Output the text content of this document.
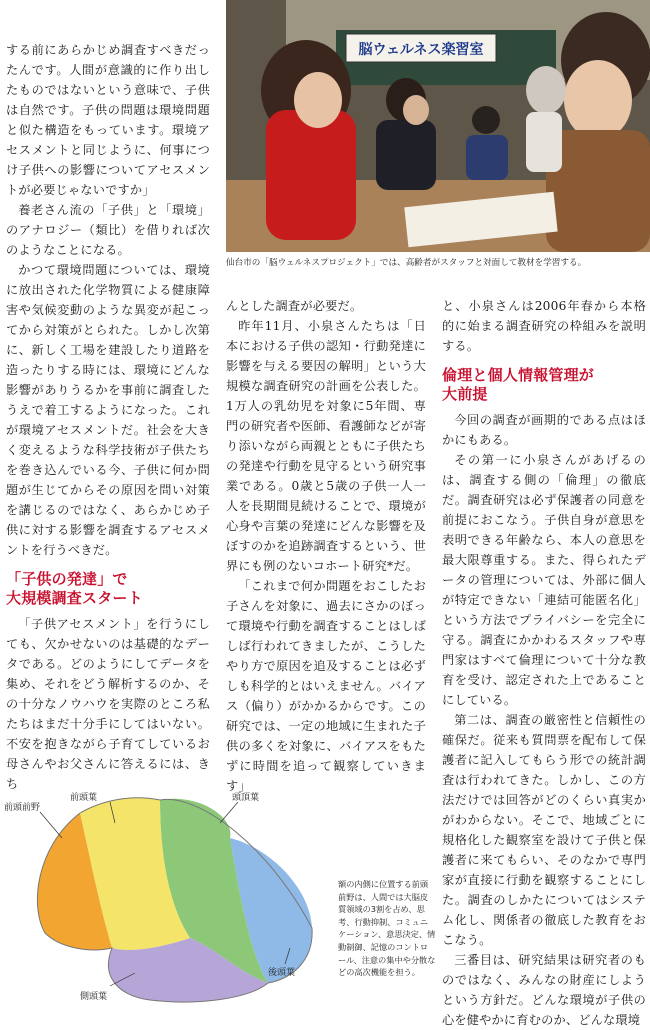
する前にあらかじめ調査すべきだったんです。人間が意識的に作り出したものではないという意味で、子供は自然です。子供の問題は環境問題と似た構造をもっています。環境アセスメントと同じように、何事につけ子供への影響についてアセスメントが必要じゃないですか」

養老さん流の「子供」と「環境」のアナロジー（類比）を借りれば次のようなことになる。

かつて環境問題については、環境に放出された化学物質による健康障害や気候変動のような異変が起こってから対策がとられた。しかし次第に、新しく工場を建設したり道路を造ったりする時には、環境にどんな影響がありうるかを事前に調査したうえで着工するようになった。これが環境アセスメントだ。社会を大きく変えるような科学技術が子供たちを巻き込んでいる今、子供に何か問題が生じてからその原因を問い対策を講じるのではなく、あらかじめ子供に対する影響を調査するアセスメントを行うべきだ。

「子供の発達」で
大規模調査スタート

「子供アセスメント」を行うにしても、欠かせないのは基礎的なデータである。どのようにしてデータを集め、それをどう解析するのか、その十分なノウハウを実際のところ私たちはまだ十分手にしてはいない。不安を抱きながら子育てしているお母さんやお父さんに答えるには、きち

脳ウェルネス楽習室
仙台市の「脳ウェルネスプロジェクト」では、高齢者がスタッフと対面して教材を学習する。

んとした調査が必要だ。

昨年11月、小泉さんたちは「日本における子供の認知・行動発達に影響を与える要因の解明」という大規模な調査研究の計画を公表した。1万人の乳幼児を対象に5年間、専門の研究者や医師、看護師などが寄り添いながら両親とともに子供たちの発達や行動を見守るという研究事業である。0歳と5歳の子供一人一人を長期間見続けることで、環境が心身や言葉の発達にどんな影響を及ぼすのかを追跡調査するという、世界にも例のないコホート研究*だ。

「これまで何か問題をおこしたお子さんを対象に、過去にさかのぼって環境や行動を調査することはしばしば行われてきましたが、こうしたやり方で原因を追及することは必ずしも科学的とはいえません。バイアス（偏り）がかかるからです。この研究では、一定の地域に生まれた子供の多くを対象に、バイアスをもたずに時間を追って観察していきます」

と、小泉さんは2006年春から本格的に始まる調査研究の枠組みを説明する。

倫理と個人情報管理が
大前提

今回の調査が画期的である点はほかにもある。

その第一に小泉さんがあげるのは、調査する側の「倫理」の徹底だ。調査研究は必ず保護者の同意を前提におこなう。子供自身が意思を表明できる年齢なら、本人の意思を最大限尊重する。また、得られたデータの管理については、外部に個人が特定できない「連結可能匿名化」という方法でプライバシーを完全に守る。調査にかかわるスタッフや専門家はすべて倫理について十分な教育を受け、認定された上であることにしている。

第二は、調査の厳密性と信頼性の確保だ。従来も質問票を配布して保護者に記入してもらう形での統計調査は行われてきた。しかし、この方法だけでは回答がどのくらい真実かがわからない。そこで、地域ごとに規格化した観察室を設けて子供と保護者に来てもらい、そのなかで専門家が直接に行動を観察することにした。調査のしかたについてはシステム化し、関係者の徹底した教育をおこなう。

三番目は、研究結果は研究者のものではなく、みんなの財産にしようという方針だ。どんな環境が子供の心を健やかに育むのか、どんな環境

前頭前野
前頭葉	頭頂葉
後頭葉
側頭葉
額の内側に位置する前頭前野は、人間では大脳皮質領域の3割を占め、思考、行動抑制、コミュニケーション、意思決定、情動制御、記憶のコントロール、注意の集中や分散などの高次機能を担う。
